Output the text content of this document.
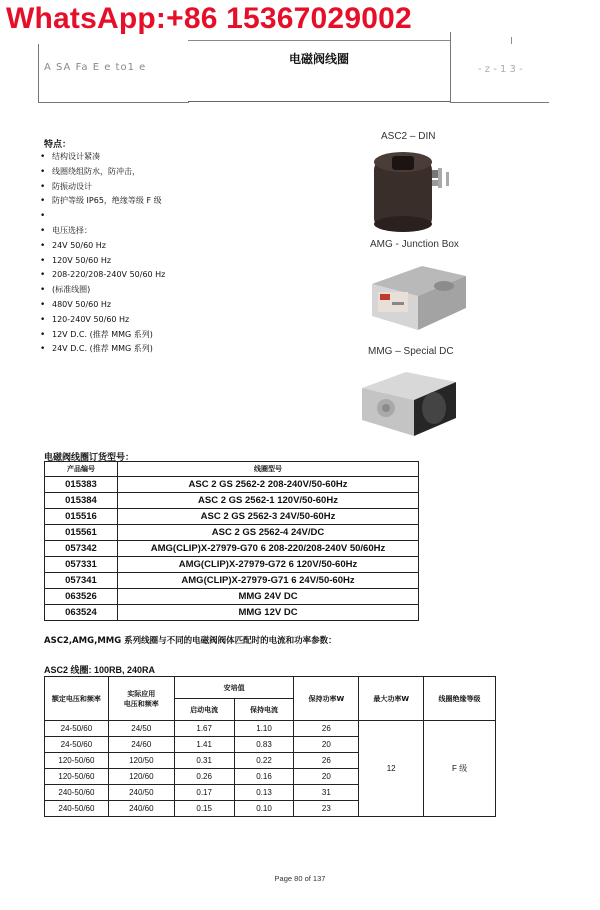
WhatsApp:+86 15367029002
A SA Fa E e to1 e
电磁阀线圈
I
- z - 1 3 -
特点：
• 结构设计紧凑
• 线圈绕组防水，防冲击，
• 防振动设计
• 防护等级 IP65，绝缘等级 F 级
•
• 电压选择：
• 24V 50/60 Hz
• 120V 50/60 Hz
• 208-220/208-240V 50/60 Hz
• (标准线圈)
• 480V 50/60 Hz
• 120-240V 50/60 Hz
• 12V D.C. (推荐 MMG 系列)
• 24V D.C. (推荐 MMG 系列)
ASC2 – DIN
AMG - Junction Box
MMG – Special DC
电磁阀线圈订货型号：
产品编号	线圈型号
015383	ASC 2 GS 2562-2 208-240V/50-60Hz
015384	ASC 2 GS 2562-1 120V/50-60Hz
015516	ASC 2 GS 2562-3 24V/50-60Hz
015561	ASC 2 GS 2562-4 24V/DC
057342	AMG(CLIP)X-27979-G70 6 208-220/208-240V 50/60Hz
057331	AMG(CLIP)X-27979-G72 6 120V/50-60Hz
057341	AMG(CLIP)X-27979-G71 6 24V/50-60Hz
063526	MMG 24V DC
063524	MMG 12V DC
ASC2,AMG,MMG 系列线圈与不同的电磁阀阀体匹配时的电流和功率参数：
ASC2 线圈: 100RB, 240RA
额定电压和频率	实际应用
电压和频率	安培值		保持功率W	最大功率W	线圈绝缘等级
		启动电流	保持电流			
24-50/60	24/50	1.67	1.10	26	12	F 级
24-50/60	24/60	1.41	0.83	20		
120-50/60	120/50	0.31	0.22	26		
120-50/60	120/60	0.26	0.16	20		
240-50/60	240/50	0.17	0.13	31		
240-50/60	240/60	0.15	0.10	23		
Page 80 of 137
